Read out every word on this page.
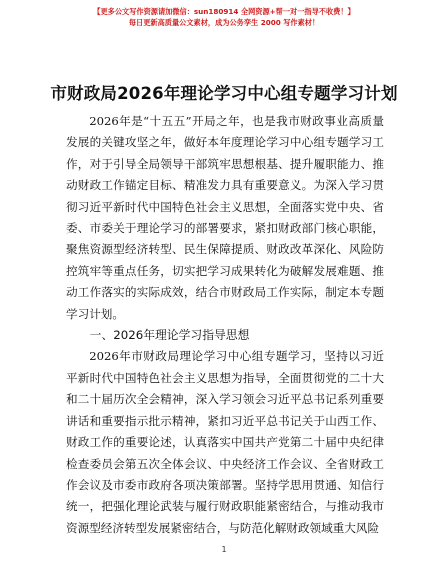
【更多公文写作资源请加微信：sun180914 全网资源+帮一对一指导不收费！】
每日更新高质量公文素材，成为公务孪生 2000 写作素材！
市财政局2026年理论学习中心组专题学习计划

2026年是“十五五”开局之年，也是我市财政事业高质量发展的关键攻坚之年，做好本年度理论学习中心组专题学习工作，对于引导全局领导干部筑牢思想根基、提升履职能力、推动财政工作锚定目标、精准发力具有重要意义。为深入学习贯彻习近平新时代中国特色社会主义思想，全面落实党中央、省委、市委关于理论学习的部署要求，紧扣财政部门核心职能，聚焦资源型经济转型、民生保障提质、财政改革深化、风险防控筑牢等重点任务，切实把学习成果转化为破解发展难题、推动工作落实的实际成效，结合市财政局工作实际，制定本专题学习计划。

一、2026年理论学习指导思想

2026年市财政局理论学习中心组专题学习，坚持以习近平新时代中国特色社会主义思想为指导，全面贯彻党的二十大和二十届历次全会精神，深入学习领会习近平总书记系列重要讲话和重要指示批示精神，紧扣习近平总书记关于山西工作、财政工作的重要论述，认真落实中国共产党第二十届中央纪律检查委员会第五次全体会议、中央经济工作会议、全省财政工作会议及市委市政府各项决策部署。坚持学思用贯通、知信行统一，把强化理论武装与履行财政职能紧密结合，与推动我市资源型经济转型发展紧密结合，与防范化解财政领域重大风险

1
